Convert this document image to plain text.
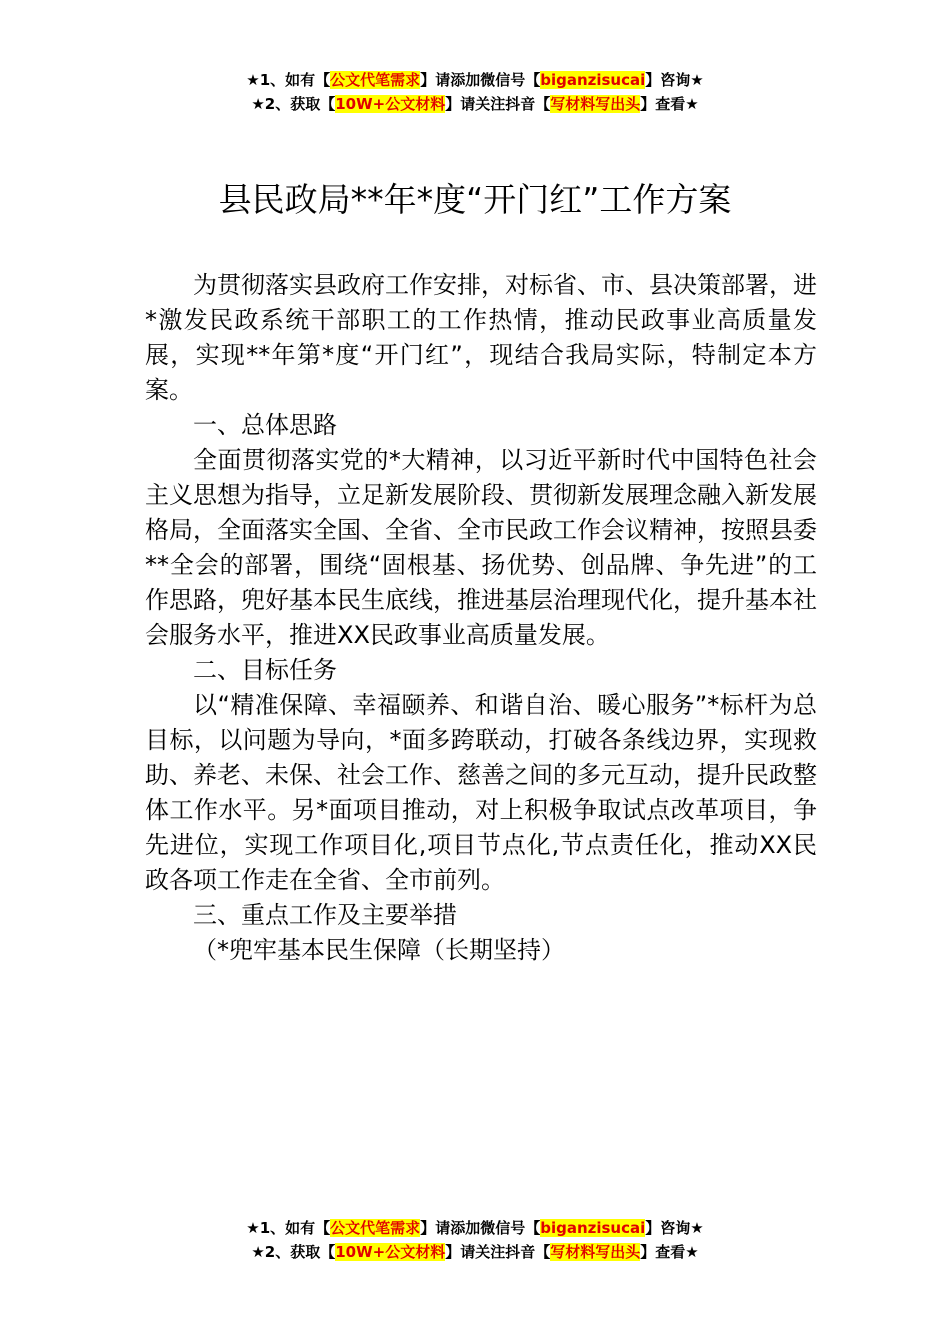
★1、如有【公文代笔需求】请添加微信号【biganzisucai】咨询★
★2、获取【10W+公文材料】请关注抖音【写材料写出头】查看★
县民政局**年*度“开门红”工作方案

为贯彻落实县政府工作安排，对标省、市、县决策部署，进*激发民政系统干部职工的工作热情，推动民政事业高质量发展，实现**年第*度“开门红”，现结合我局实际，特制定本方案。

一、总体思路

全面贯彻落实党的*大精神，以习近平新时代中国特色社会主义思想为指导，立足新发展阶段、贯彻新发展理念融入新发展格局，全面落实全国、全省、全市民政工作会议精神，按照县委**全会的部署，围绕“固根基、扬优势、创品牌、争先进”的工作思路，兜好基本民生底线，推进基层治理现代化，提升基本社会服务水平，推进XX民政事业高质量发展。

二、目标任务

以“精准保障、幸福颐养、和谐自治、暖心服务”*标杆为总目标，以问题为导向，*面多跨联动，打破各条线边界，实现救助、养老、未保、社会工作、慈善之间的多元互动，提升民政整体工作水平。另*面项目推动，对上积极争取试点改革项目，争先进位，实现工作项目化,项目节点化,节点责任化，推动XX民政各项工作走在全省、全市前列。

三、重点工作及主要举措

（*兜牢基本民生保障（长期坚持）

★1、如有【公文代笔需求】请添加微信号【biganzisucai】咨询★
★2、获取【10W+公文材料】请关注抖音【写材料写出头】查看★
